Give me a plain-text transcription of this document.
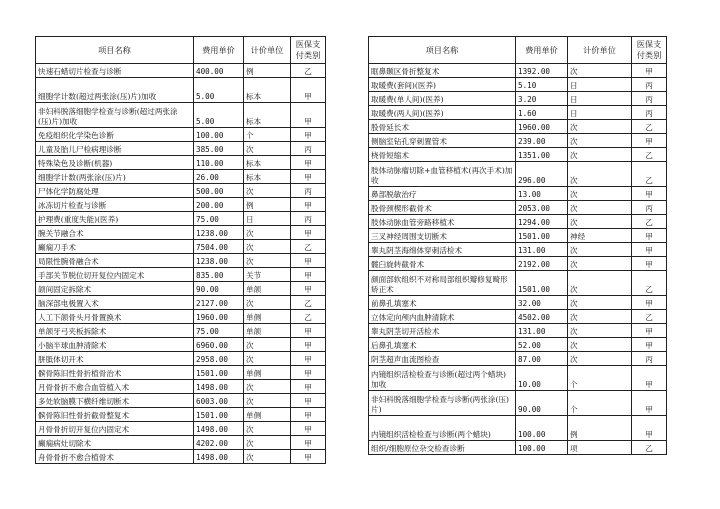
项目名称	费用单价	计价单位	医保支付类别
快速石蜡切片检查与诊断	400.00	例	乙
细胞学计数(超过两张涂(压)片)加收	5.00	标本	甲
非妇科脱落细胞学检查与诊断(超过两张涂(压)片)加收	5.00	标本	甲
免疫组织化学染色诊断	100.00	个	甲
儿童及胎儿尸检病理诊断	385.00	次	丙
特殊染色及诊断(机器)	110.00	标本	甲
细胞学计数(两张涂(压)片)	26.00	标本	甲
尸体化学防腐处理	500.00	次	丙
冰冻切片检查与诊断	200.00	例	甲
护理费(重度失能)(医养)	75.00	日	丙
腕关节融合术	1238.00	次	甲
癫痫刀手术	7504.00	次	乙
局限性腕骨融合术	1238.00	次	甲
手部关节脱位切开复位内固定术	835.00	关节	甲
颌间固定拆除术	90.00	单颌	甲
脑深部电极置入术	2127.00	次	乙
人工下颌骨头月骨置换术	1960.00	单侧	乙
单颌牙弓夹板拆除术	75.00	单颌	甲
小脑半球血肿清除术	6960.00	次	甲
胼胝体切开术	2958.00	次	甲
髌骨陈旧性骨折植骨治术	1501.00	单侧	甲
月骨骨折不愈合血管植入术	1498.00	次	甲
多处软脑膜下横纤维切断术	6003.00	次	甲
髌骨陈旧性骨折截骨整复术	1501.00	单侧	甲
月骨骨折切开复位内固定术	1498.00	次	甲
癫痫病灶切除术	4202.00	次	甲
舟骨骨折不愈合植骨术	1498.00	次	甲
项目名称	费用单价	计价单位	医保支付类别
眶鼻颞区骨折整复术	1392.00	次	甲
取暖费(套间)(医养)	5.10	日	丙
取暖费(单人间)(医养)	3.20	日	丙
取暖费(两人间)(医养)	1.60	日	丙
股骨延长术	1960.00	次	乙
侧脑室钻孔穿刺置管术	239.00	次	甲
桡骨短缩术	1351.00	次	乙
肢体动脉瘤切除+血管移植术(再次手术)加收	296.00	次	乙
鼻部脱敏治疗	13.00	次	甲
股骨颈楔形截骨术	2053.00	次	丙
肢体动脉血管旁路移植术	1294.00	次	乙
三叉神经周围支切断术	1501.00	神经	甲
睾丸阴茎海绵体穿刺活检术	131.00	次	甲
髋臼旋转截骨术	2192.00	次	甲
颜面部软组织不对称局部组织瓣修复畸形矫正术	1501.00	次	乙
前鼻孔填塞术	32.00	次	甲
立体定向颅内血肿清除术	4502.00	次	乙
睾丸阴茎切开活检术	131.00	次	甲
后鼻孔填塞术	52.00	次	甲
阴茎超声血流图检查	87.00	次	丙
内镜组织活检检查与诊断(超过两个蜡块)加收	10.00	个	甲
非妇科脱落细胞学检查与诊断(两张涂(压)片)	90.00	个	甲
内镜组织活检检查与诊断(两个蜡块)	100.00	例	甲
组织/细胞原位杂交检查诊断	100.00	项	乙
